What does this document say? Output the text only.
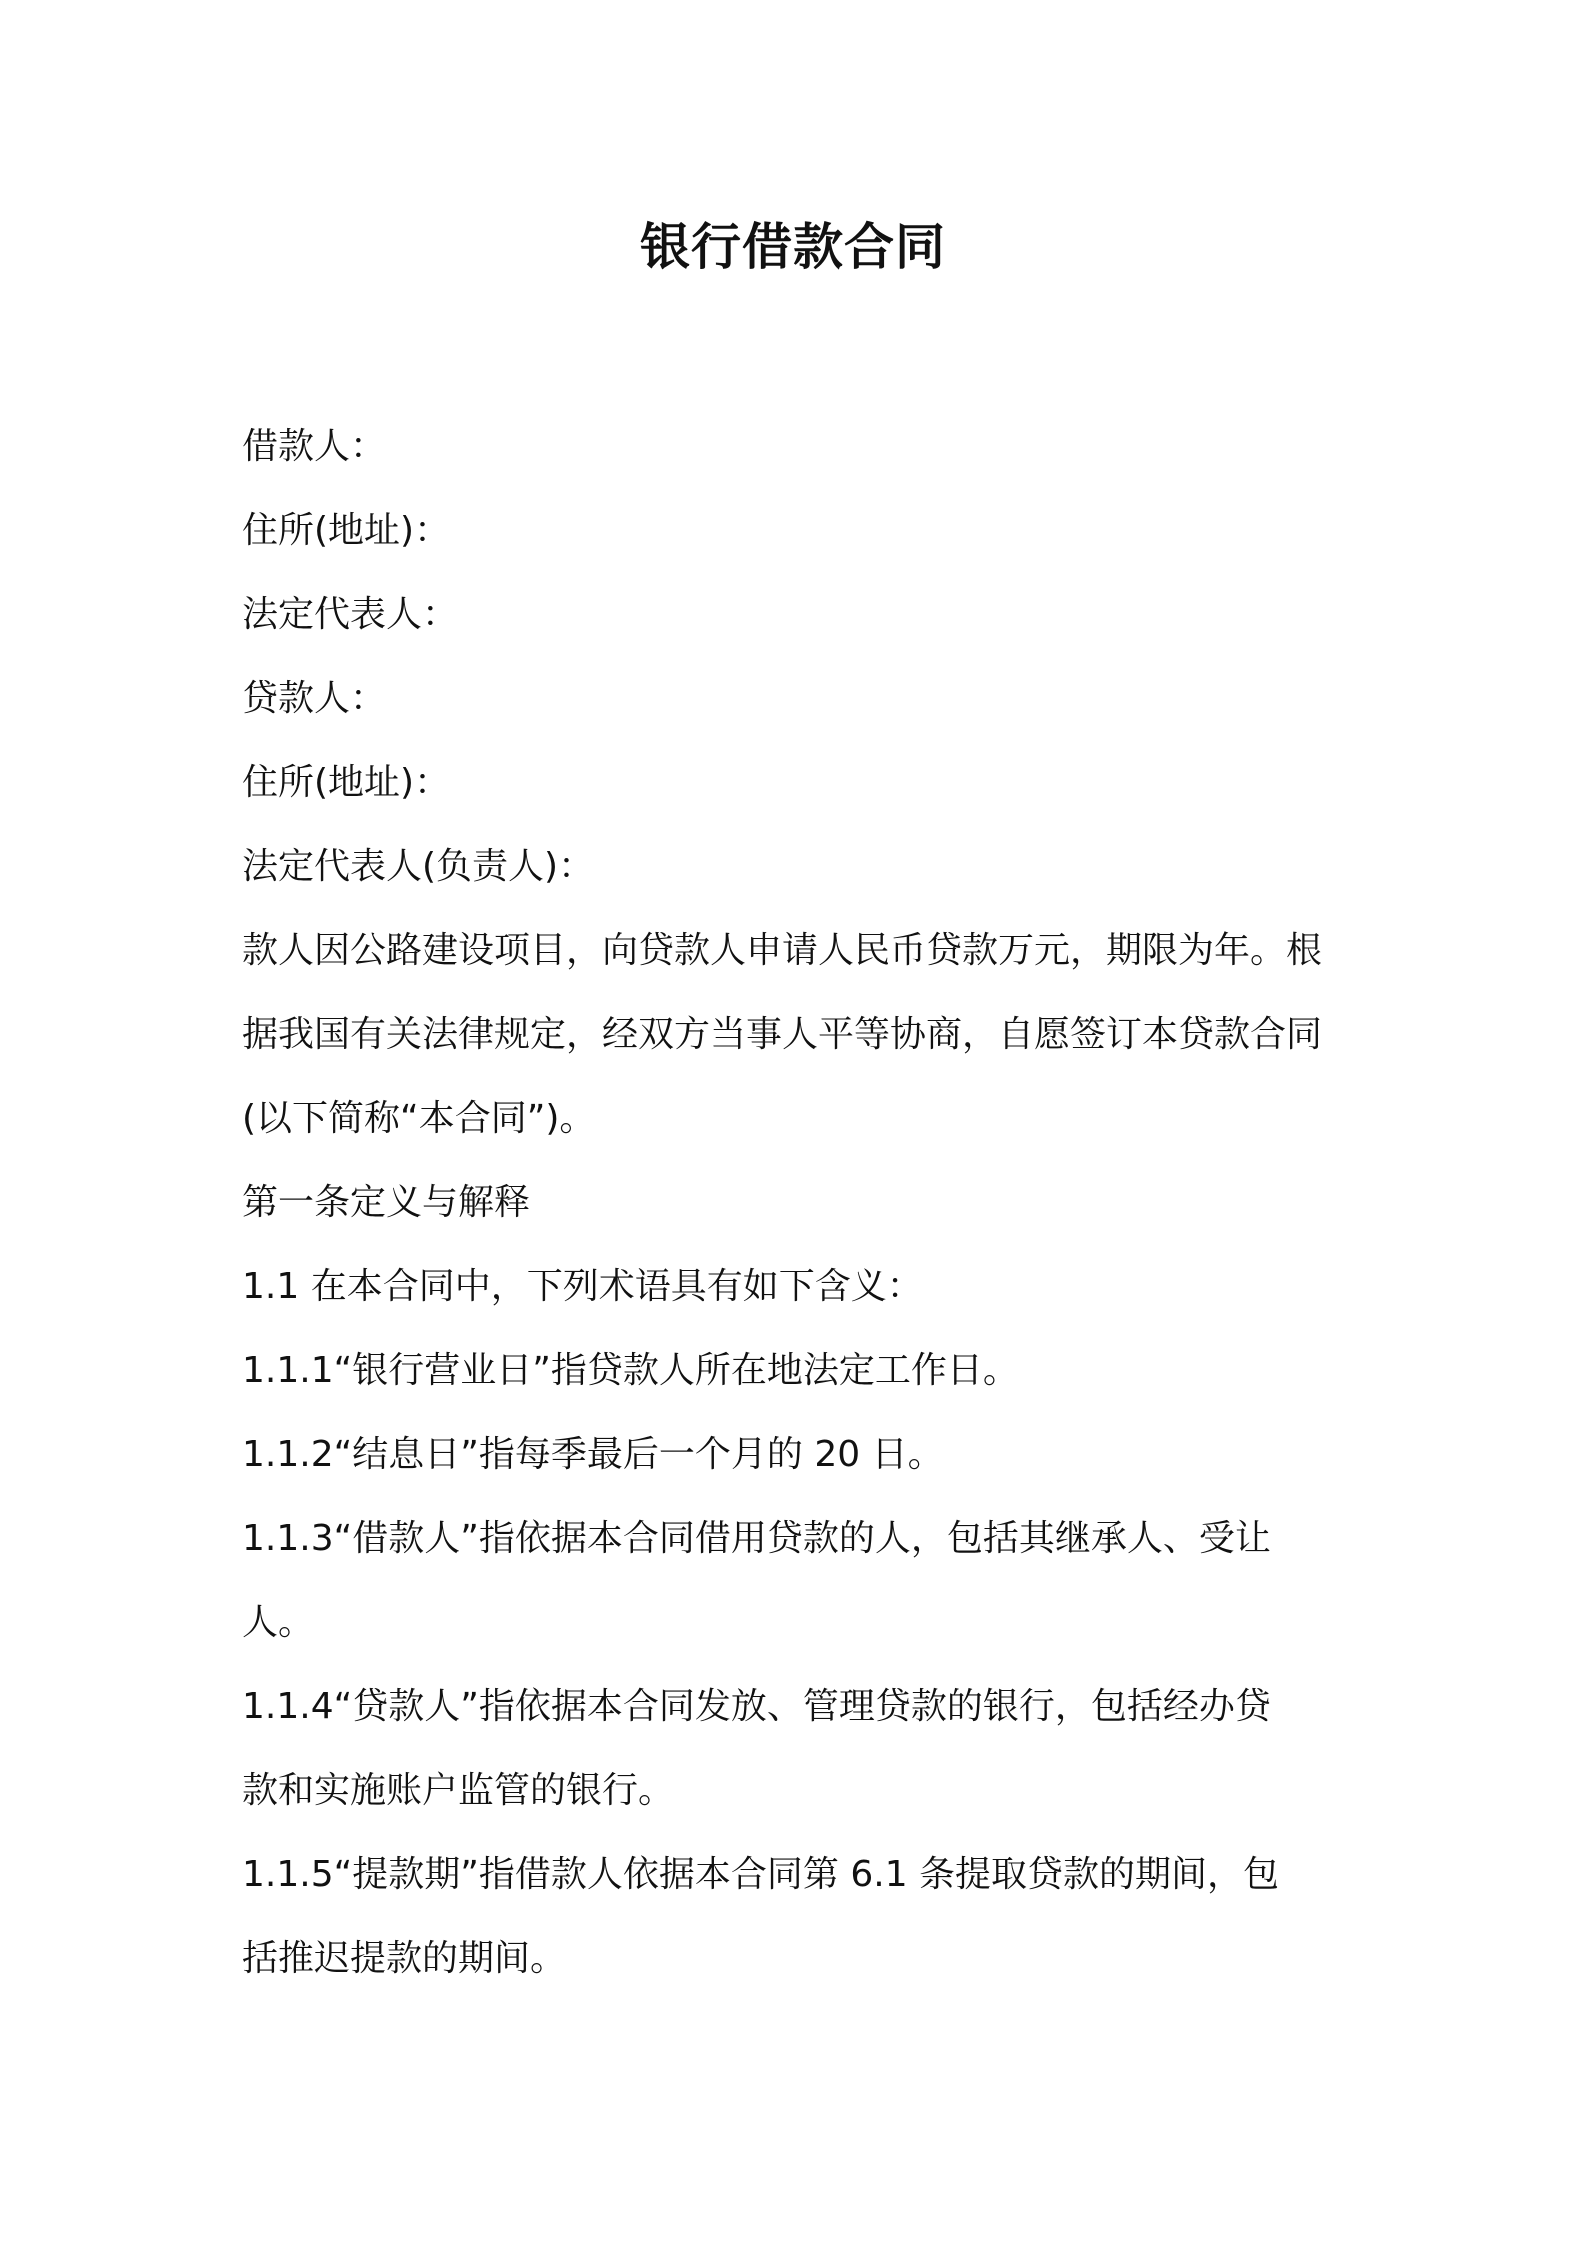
银行借款合同
借款人：
住所(地址)：
法定代表人：
贷款人：
住所(地址)：
法定代表人(负责人)：
款人因公路建设项目，向贷款人申请人民币贷款万元，期限为年。根
据我国有关法律规定，经双方当事人平等协商，自愿签订本贷款合同
(以下简称“本合同”)。
第一条定义与解释
1.1 在本合同中，下列术语具有如下含义：
1.1.1“银行营业日”指贷款人所在地法定工作日。
1.1.2“结息日”指每季最后一个月的 20 日。
1.1.3“借款人”指依据本合同借用贷款的人，包括其继承人、受让
人。
1.1.4“贷款人”指依据本合同发放、管理贷款的银行，包括经办贷
款和实施账户监管的银行。
1.1.5“提款期”指借款人依据本合同第 6.1 条提取贷款的期间，包
括推迟提款的期间。
